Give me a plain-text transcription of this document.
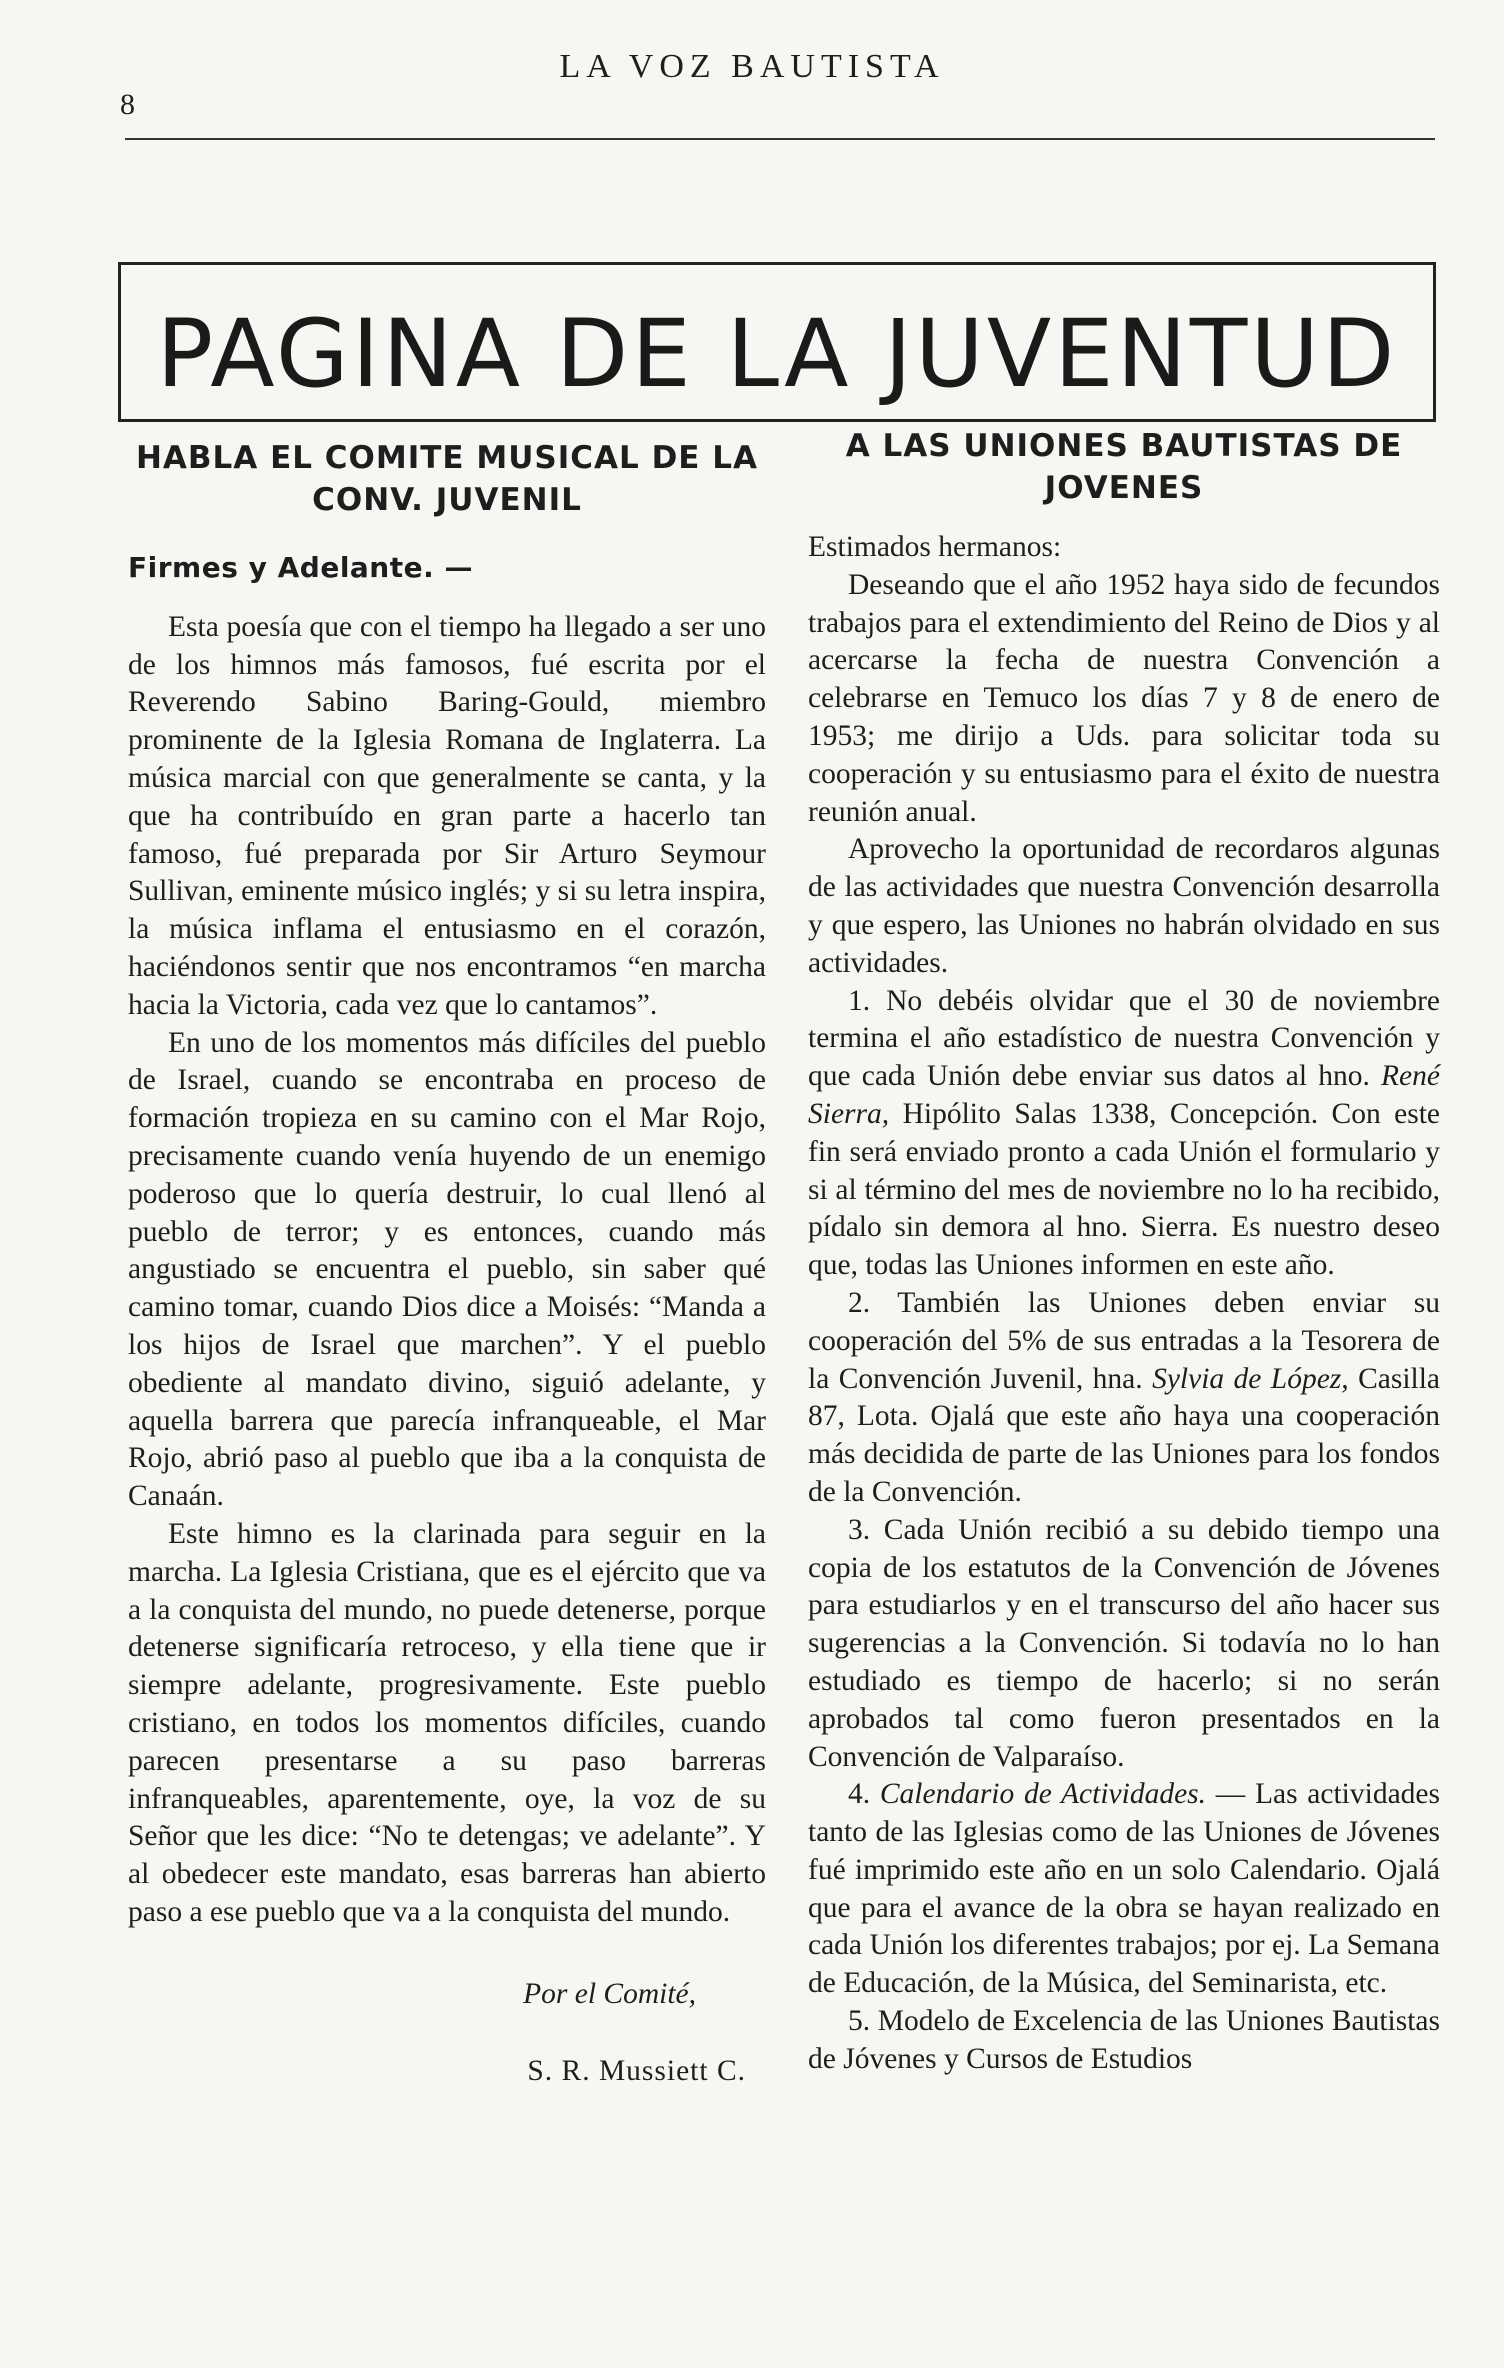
8
LA VOZ BAUTISTA
PAGINA DE LA JUVENTUD
HABLA EL COMITE MUSICAL DE LA
CONV. JUVENIL
Firmes y Adelante. —

Esta poesía que con el tiempo ha llegado a ser uno de los himnos más famosos, fué escrita por el Reverendo Sabino Baring-Gould, miembro prominente de la Iglesia Romana de Inglaterra. La música marcial con que generalmente se canta, y la que ha contribuído en gran parte a hacerlo tan famoso, fué preparada por Sir Arturo Seymour Sullivan, eminente músico inglés; y si su letra inspira, la música inflama el entusiasmo en el corazón, haciéndonos sentir que nos encontramos “en marcha hacia la Victoria, cada vez que lo cantamos”.

En uno de los momentos más difíciles del pueblo de Israel, cuando se encontraba en proceso de formación tropieza en su camino con el Mar Rojo, precisamente cuando venía huyendo de un enemigo poderoso que lo quería destruir, lo cual llenó al pueblo de terror; y es entonces, cuando más angustiado se encuentra el pueblo, sin saber qué camino tomar, cuando Dios dice a Moisés: “Manda a los hijos de Israel que marchen”. Y el pueblo obediente al mandato divino, siguió adelante, y aquella barrera que parecía infranqueable, el Mar Rojo, abrió paso al pueblo que iba a la conquista de Canaán.

Este himno es la clarinada para seguir en la marcha. La Iglesia Cristiana, que es el ejército que va a la conquista del mundo, no puede detenerse, porque detenerse significaría retroceso, y ella tiene que ir siempre adelante, progresivamente. Este pueblo cristiano, en todos los momentos difíciles, cuando parecen presentarse a su paso barreras infranqueables, aparentemente, oye, la voz de su Señor que les dice: “No te detengas; ve adelante”. Y al obedecer este mandato, esas barreras han abierto paso a ese pueblo que va a la conquista del mundo.

Por el Comité,
S. R. Mussiett C.
A LAS UNIONES BAUTISTAS DE
JOVENES

Estimados hermanos:

Deseando que el año 1952 haya sido de fecundos trabajos para el extendimiento del Reino de Dios y al acercarse la fecha de nuestra Convención a celebrarse en Temuco los días 7 y 8 de enero de 1953; me dirijo a Uds. para solicitar toda su cooperación y su entusiasmo para el éxito de nuestra reunión anual.

Aprovecho la oportunidad de recordaros algunas de las actividades que nuestra Convención desarrolla y que espero, las Uniones no habrán olvidado en sus actividades.

1. No debéis olvidar que el 30 de noviembre termina el año estadístico de nuestra Convención y que cada Unión debe enviar sus datos al hno. René Sierra, Hipólito Salas 1338, Concepción. Con este fin será enviado pronto a cada Unión el formulario y si al término del mes de noviembre no lo ha recibido, pídalo sin demora al hno. Sierra. Es nuestro deseo que, todas las Uniones informen en este año.

2. También las Uniones deben enviar su cooperación del 5% de sus entradas a la Tesorera de la Convención Juvenil, hna. Sylvia de López, Casilla 87, Lota. Ojalá que este año haya una cooperación más decidida de parte de las Uniones para los fondos de la Convención.

3. Cada Unión recibió a su debido tiempo una copia de los estatutos de la Convención de Jóvenes para estudiarlos y en el transcurso del año hacer sus sugerencias a la Convención. Si todavía no lo han estudiado es tiempo de hacerlo; si no serán aprobados tal como fueron presentados en la Convención de Valparaíso.

4. Calendario de Actividades. — Las actividades tanto de las Iglesias como de las Uniones de Jóvenes fué imprimido este año en un solo Calendario. Ojalá que para el avance de la obra se hayan realizado en cada Unión los diferentes trabajos; por ej. La Semana de Educación, de la Música, del Seminarista, etc.

5. Modelo de Excelencia de las Uniones Bautistas de Jóvenes y Cursos de Estudios
